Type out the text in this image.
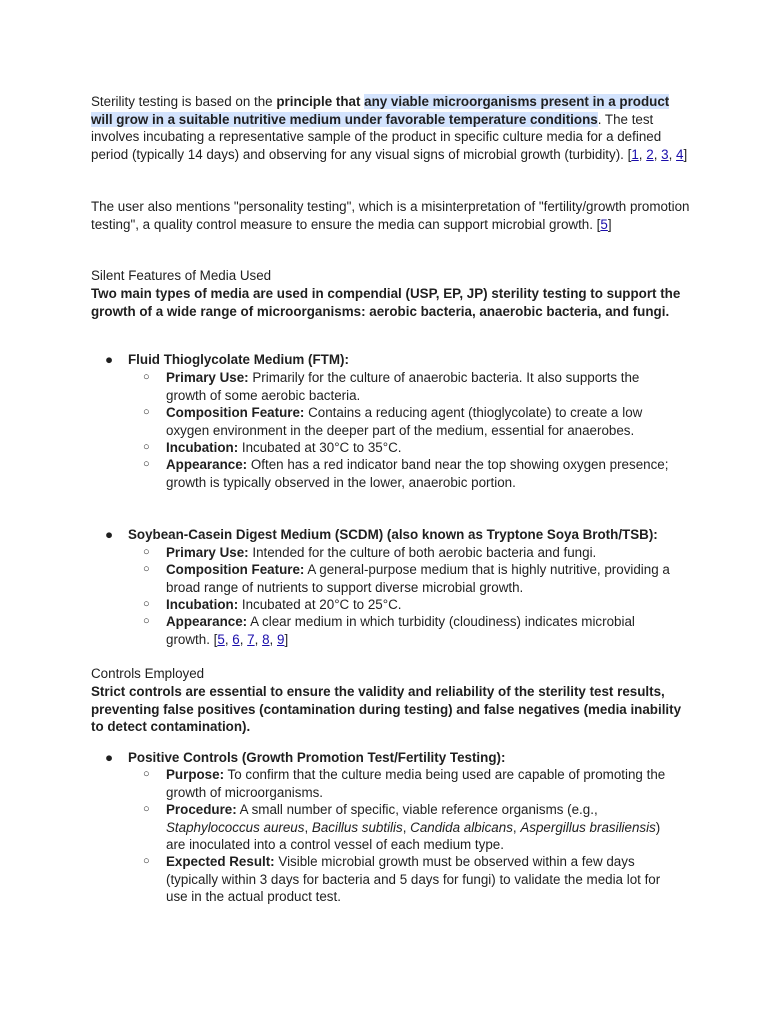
Sterility testing is based on the principle that any viable microorganisms present in a product will grow in a suitable nutritive medium under favorable temperature conditions. The test involves incubating a representative sample of the product in specific culture media for a defined period (typically 14 days) and observing for any visual signs of microbial growth (turbidity). [1, 2, 3, 4]

The user also mentions "personality testing", which is a misinterpretation of "fertility/growth promotion testing", a quality control measure to ensure the media can support microbial growth. [5]

Silent Features of Media Used

Two main types of media are used in compendial (USP, EP, JP) sterility testing to support the growth of a wide range of microorganisms: aerobic bacteria, anaerobic bacteria, and fungi.

● Fluid Thioglycolate Medium (FTM):
○ Primary Use: Primarily for the culture of anaerobic bacteria. It also supports the growth of some aerobic bacteria.
○ Composition Feature: Contains a reducing agent (thioglycolate) to create a low oxygen environment in the deeper part of the medium, essential for anaerobes.
○ Incubation: Incubated at 30°C to 35°C.
○ Appearance: Often has a red indicator band near the top showing oxygen presence; growth is typically observed in the lower, anaerobic portion.
● Soybean-Casein Digest Medium (SCDM) (also known as Tryptone Soya Broth/TSB):
○ Primary Use: Intended for the culture of both aerobic bacteria and fungi.
○ Composition Feature: A general-purpose medium that is highly nutritive, providing a broad range of nutrients to support diverse microbial growth.
○ Incubation: Incubated at 20°C to 25°C.
○ Appearance: A clear medium in which turbidity (cloudiness) indicates microbial growth. [5, 6, 7, 8, 9]

Controls Employed

Strict controls are essential to ensure the validity and reliability of the sterility test results, preventing false positives (contamination during testing) and false negatives (media inability to detect contamination).

● Positive Controls (Growth Promotion Test/Fertility Testing):
○ Purpose: To confirm that the culture media being used are capable of promoting the growth of microorganisms.
○ Procedure: A small number of specific, viable reference organisms (e.g., Staphylococcus aureus, Bacillus subtilis, Candida albicans, Aspergillus brasiliensis) are inoculated into a control vessel of each medium type.
○ Expected Result: Visible microbial growth must be observed within a few days (typically within 3 days for bacteria and 5 days for fungi) to validate the media lot for use in the actual product test.
